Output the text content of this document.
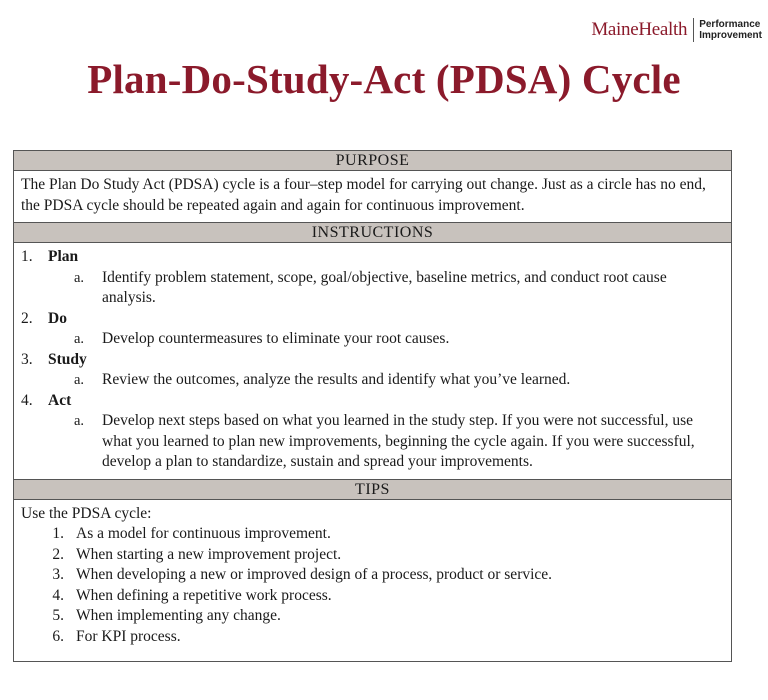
MaineHealth	Performance
Improvement
Plan-Do-Study-Act (PDSA) Cycle
PURPOSE
The Plan Do Study Act (PDSA) cycle is a four–step model for carrying out change. Just as a circle has no end, the PDSA cycle should be repeated again and again for continuous improvement.
INSTRUCTIONS
1. Plan
a.	Identify problem statement, scope, goal/objective, baseline metrics, and conduct root cause analysis.
2. Do
a.	Develop countermeasures to eliminate your root causes.
3. Study
a.	Review the outcomes, analyze the results and identify what you’ve learned.
4. Act
a.	Develop next steps based on what you learned in the study step. If you were not successful, use what you learned to plan new improvements, beginning the cycle again. If you were successful, develop a plan to standardize, sustain and spread your improvements.
TIPS
Use the PDSA cycle:
1. As a model for continuous improvement.
2. When starting a new improvement project.
3. When developing a new or improved design of a process, product or service.
4. When defining a repetitive work process.
5. When implementing any change.
6. For KPI process.
